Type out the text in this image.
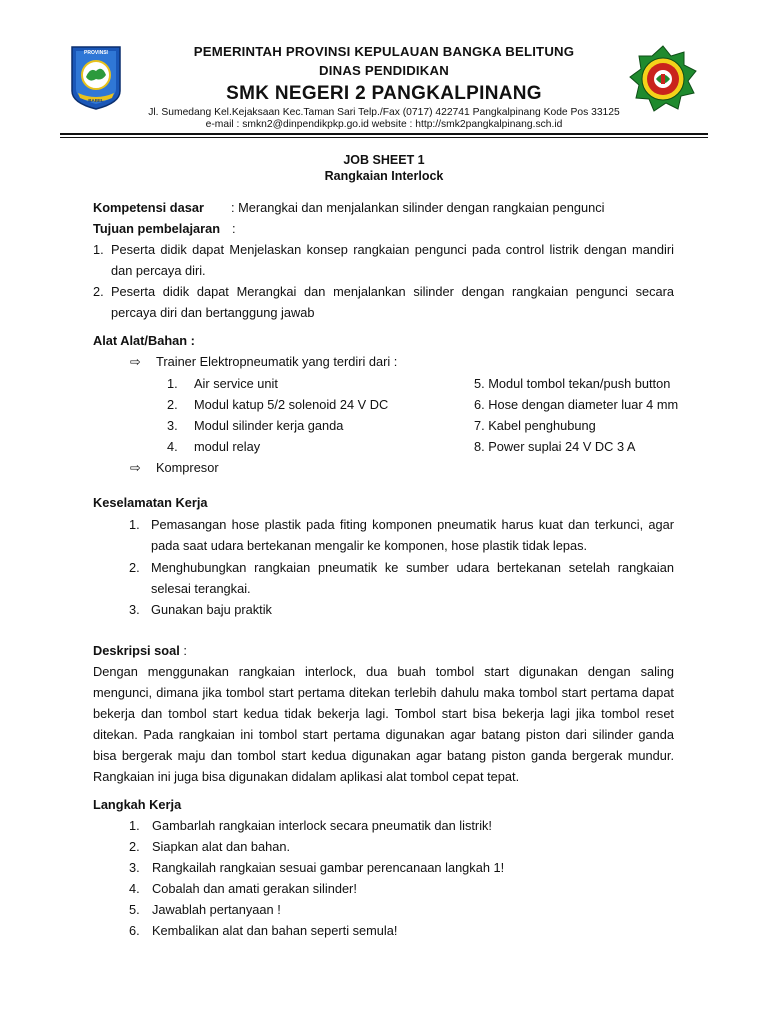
PROVINSI
BABEL
PEMERINTAH PROVINSI KEPULAUAN BANGKA BELITUNG
DINAS PENDIDIKAN
SMK NEGERI 2 PANGKALPINANG
Jl. Sumedang Kel.Kejaksaan Kec.Taman Sari Telp./Fax (0717) 422741 Pangkalpinang Kode Pos 33125
e-mail : smkn2@dinpendikpkp.go.id website : http://smk2pangkalpinang.sch.id
JOB SHEET 1
Rangkaian Interlock
Kompetensi dasar : Merangkai dan menjalankan silinder dengan rangkaian pengunci
Tujuan pembelajaran :
1. Peserta didik dapat Menjelaskan konsep rangkaian pengunci pada control listrik dengan mandiri
dan percaya diri.
2. Peserta didik dapat Merangkai dan menjalankan silinder dengan rangkaian pengunci secara
percaya diri dan bertanggung jawab
Alat Alat/Bahan :
⇨ Trainer Elektropneumatik yang terdiri dari :
1. Air service unit
2. Modul katup 5/2 solenoid 24 V DC
3. Modul silinder kerja ganda
4. modul relay
5. Modul tombol tekan/push button
6. Hose dengan diameter luar 4 mm
7. Kabel penghubung
8. Power suplai 24 V DC 3 A
⇨ Kompresor
Keselamatan Kerja
1. Pemasangan hose plastik pada fiting komponen pneumatik harus kuat dan terkunci, agar
pada saat udara bertekanan mengalir ke komponen, hose plastik tidak lepas.
2. Menghubungkan rangkaian pneumatik ke sumber udara bertekanan setelah rangkaian
selesai terangkai.
3. Gunakan baju praktik
Deskripsi soal :
Dengan menggunakan rangkaian interlock, dua buah tombol start digunakan dengan saling
mengunci, dimana jika tombol start pertama ditekan terlebih dahulu maka tombol start pertama dapat
bekerja dan tombol start kedua tidak bekerja lagi. Tombol start bisa bekerja lagi jika tombol reset
ditekan. Pada rangkaian ini tombol start pertama digunakan agar batang piston dari silinder ganda
bisa bergerak maju dan tombol start kedua digunakan agar batang piston ganda bergerak mundur.
Rangkaian ini juga bisa digunakan didalam aplikasi alat tombol cepat tepat.
Langkah Kerja
1. Gambarlah rangkaian interlock secara pneumatik dan listrik!
2. Siapkan alat dan bahan.
3. Rangkailah rangkaian sesuai gambar perencanaan langkah 1!
4. Cobalah dan amati gerakan silinder!
5. Jawablah pertanyaan !
6. Kembalikan alat dan bahan seperti semula!
